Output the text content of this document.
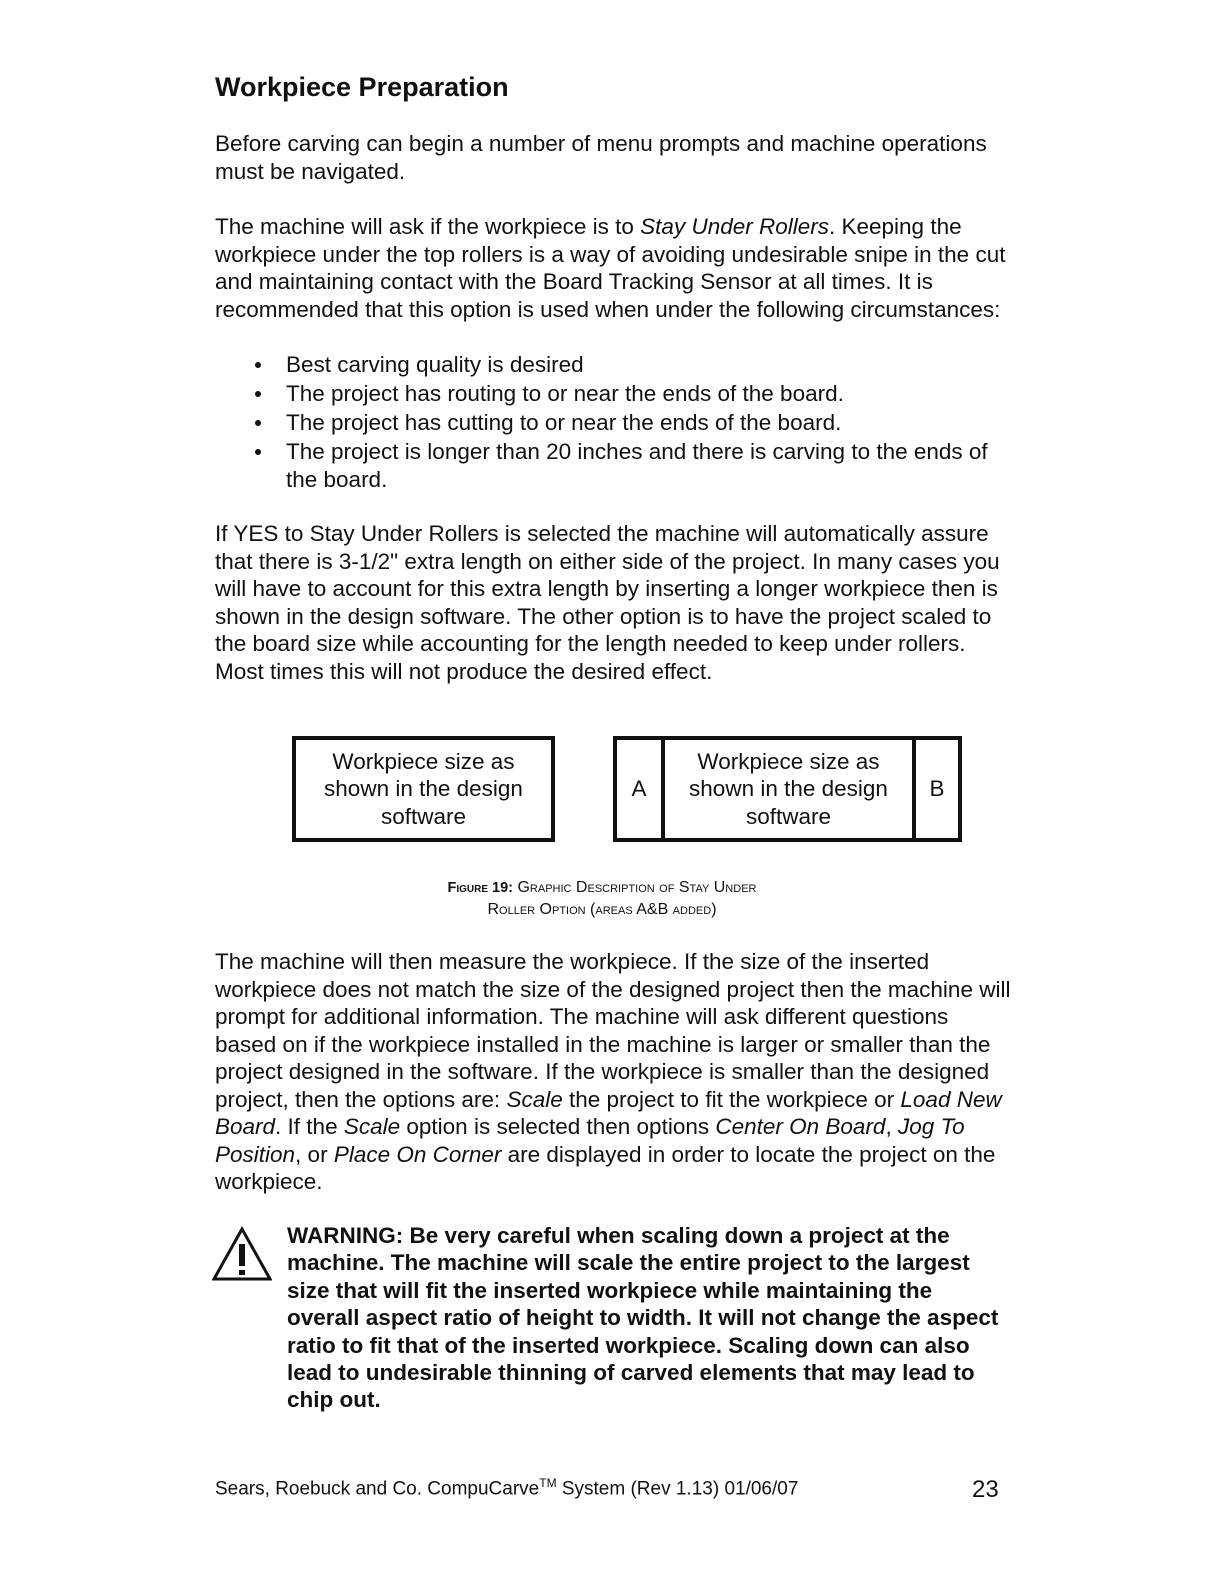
Workpiece Preparation

Before carving can begin a number of menu prompts and machine operations must be navigated.

The machine will ask if the workpiece is to Stay Under Rollers. Keeping the workpiece under the top rollers is a way of avoiding undesirable snipe in the cut and maintaining contact with the Board Tracking Sensor at all times. It is recommended that this option is used when under the following circumstances:

Best carving quality is desired
The project has routing to or near the ends of the board.
The project has cutting to or near the ends of the board.
The project is longer than 20 inches and there is carving to the ends of the board.

If YES to Stay Under Rollers is selected the machine will automatically assure that there is 3-1/2" extra length on either side of the project. In many cases you will have to account for this extra length by inserting a longer workpiece then is shown in the design software. The other option is to have the project scaled to the board size while accounting for the length needed to keep under rollers. Most times this will not produce the desired effect.

Workpiece size as
shown in the design
software
A
Workpiece size as
shown in the design
software
B
Figure 19: Graphic Description of Stay Under
Roller Option (areas A&B added)

The machine will then measure the workpiece. If the size of the inserted workpiece does not match the size of the designed project then the machine will prompt for additional information. The machine will ask different questions based on if the workpiece installed in the machine is larger or smaller than the project designed in the software. If the workpiece is smaller than the designed project, then the options are: Scale the project to fit the workpiece or Load New Board. If the Scale option is selected then options Center On Board, Jog To Position, or Place On Corner are displayed in order to locate the project on the workpiece.

WARNING: Be very careful when scaling down a project at the machine. The machine will scale the entire project to the largest size that will fit the inserted workpiece while maintaining the overall aspect ratio of height to width. It will not change the aspect ratio to fit that of the inserted workpiece. Scaling down can also lead to undesirable thinning of carved elements that may lead to chip out.

Sears, Roebuck and Co. CompuCarve™ System (Rev 1.13) 01/06/07	23
